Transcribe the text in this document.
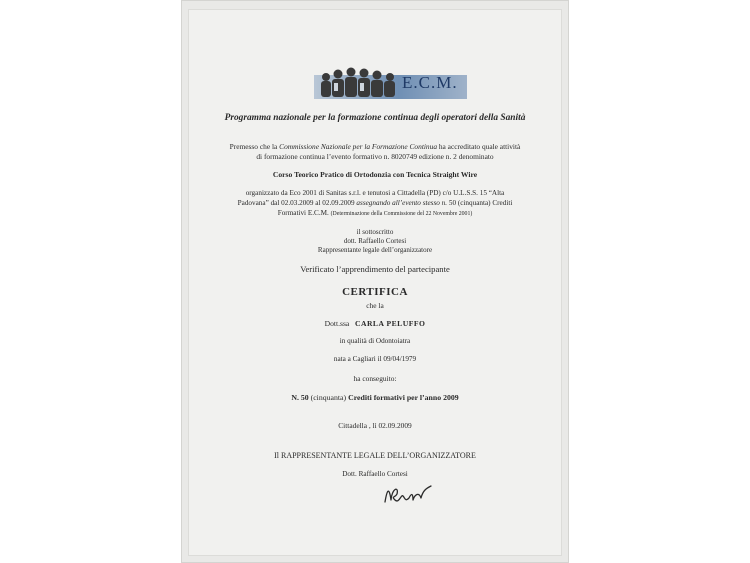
E.C.M.
Programma nazionale per la formazione continua degli operatori della Sanità
Premesso che la Commissione Nazionale per la Formazione Continua ha accreditato quale attività
di formazione continua l’evento formativo n. 8020749 edizione n. 2 denominato
Corso Teorico Pratico di Ortodonzia con Tecnica Straight Wire
organizzato da Eco 2001 di Sanitas s.r.l. e tenutosi a Cittadella (PD) c/o U.L.S.S. 15 “Alta
Padovana” dal 02.03.2009 al 02.09.2009 assegnando all’evento stesso n. 50 (cinquanta) Crediti
Formativi E.C.M. (Determinazione della Commissione del 22 Novembre 2001)
il sottoscritto
dott. Raffaello Cortesi
Rappresentante legale dell’organizzatore
Verificato l’apprendimento del partecipante
CERTIFICA
che la
Dott.ssa CARLA PELUFFO
in qualità di Odontoiatra
nata a Cagliari il 09/04/1979
ha conseguito:
N. 50 (cinquanta) Crediti formativi per l’anno 2009
Cittadella , lì 02.09.2009
Il RAPPRESENTANTE LEGALE DELL’ORGANIZZATORE
Dott. Raffaello Cortesi
